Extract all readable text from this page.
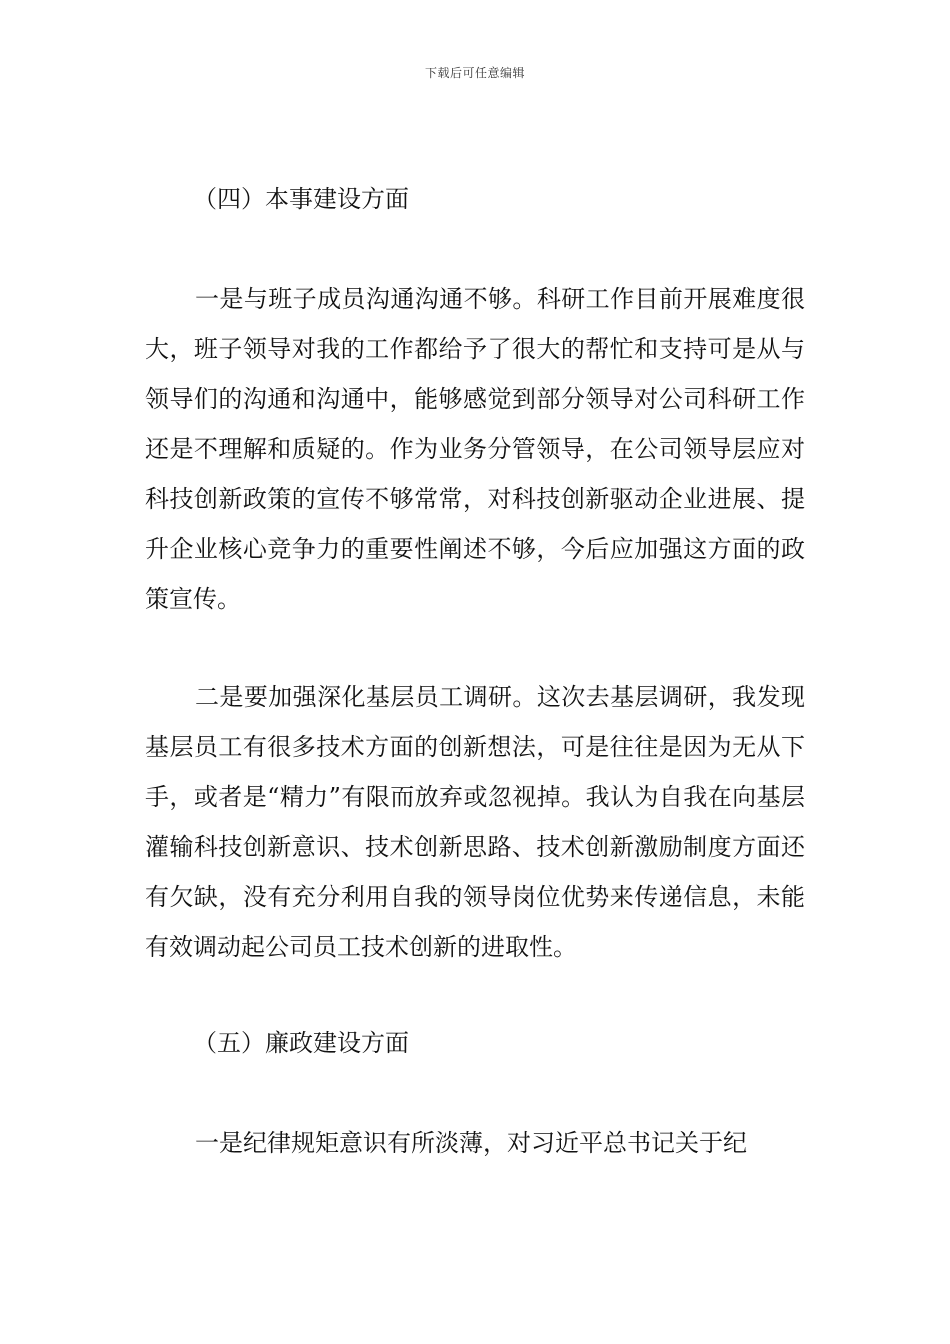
下载后可任意编辑
（四）本事建设方面

一是与班子成员沟通沟通不够。科研工作目前开展难度很大，班子领导对我的工作都给予了很大的帮忙和支持可是从与领导们的沟通和沟通中，能够感觉到部分领导对公司科研工作还是不理解和质疑的。作为业务分管领导，在公司领导层应对科技创新政策的宣传不够常常，对科技创新驱动企业进展、提升企业核心竞争力的重要性阐述不够，今后应加强这方面的政策宣传。

二是要加强深化基层员工调研。这次去基层调研，我发现基层员工有很多技术方面的创新想法，可是往往是因为无从下手，或者是“精力”有限而放弃或忽视掉。我认为自我在向基层灌输科技创新意识、技术创新思路、技术创新激励制度方面还有欠缺，没有充分利用自我的领导岗位优势来传递信息，未能有效调动起公司员工技术创新的进取性。

（五）廉政建设方面

一是纪律规矩意识有所淡薄，对习近平总书记关于纪
